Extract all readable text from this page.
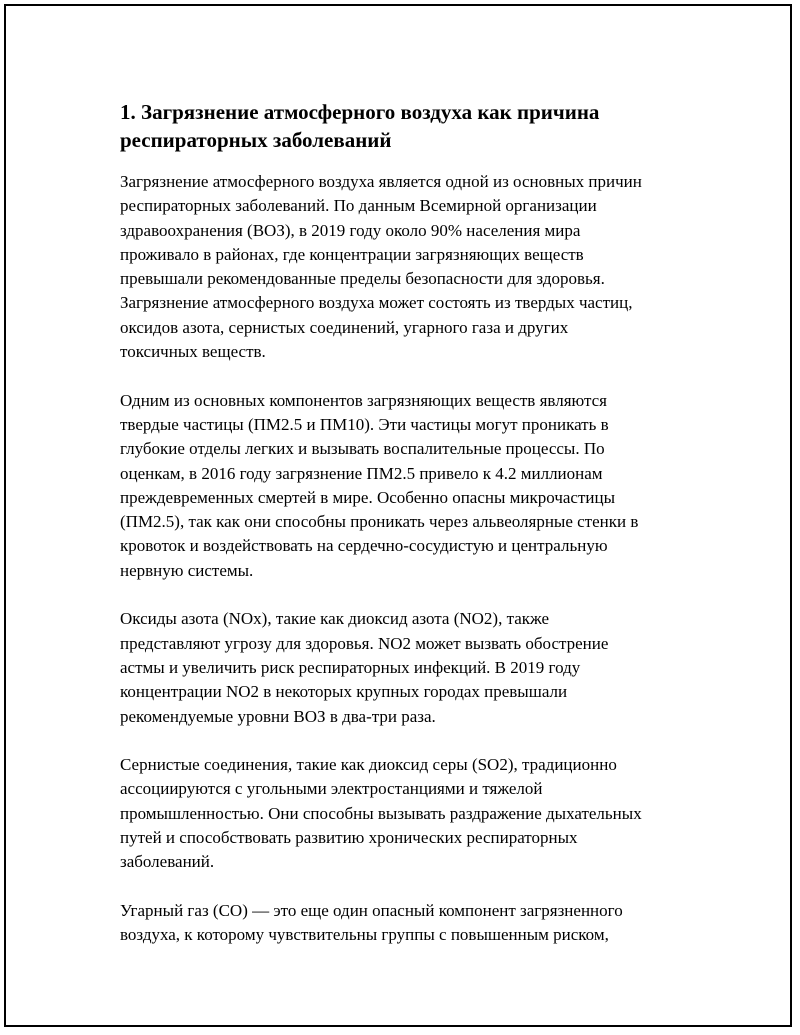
1. Загрязнение атмосферного воздуха как причина
респираторных заболеваний

Загрязнение атмосферного воздуха является одной из основных причин
респираторных заболеваний. По данным Всемирной организации
здравоохранения (ВОЗ), в 2019 году около 90% населения мира
проживало в районах, где концентрации загрязняющих веществ
превышали рекомендованные пределы безопасности для здоровья.
Загрязнение атмосферного воздуха может состоять из твердых частиц,
оксидов азота, сернистых соединений, угарного газа и других
токсичных веществ.

Одним из основных компонентов загрязняющих веществ являются
твердые частицы (ПМ2.5 и ПМ10). Эти частицы могут проникать в
глубокие отделы легких и вызывать воспалительные процессы. По
оценкам, в 2016 году загрязнение ПМ2.5 привело к 4.2 миллионам
преждевременных смертей в мире. Особенно опасны микрочастицы
(ПМ2.5), так как они способны проникать через альвеолярные стенки в
кровоток и воздействовать на сердечно-сосудистую и центральную
нервную системы.

Оксиды азота (NOx), такие как диоксид азота (NO2), также
представляют угрозу для здоровья. NO2 может вызвать обострение
астмы и увеличить риск респираторных инфекций. В 2019 году
концентрации NO2 в некоторых крупных городах превышали
рекомендуемые уровни ВОЗ в два-три раза.

Сернистые соединения, такие как диоксид серы (SO2), традиционно
ассоциируются с угольными электростанциями и тяжелой
промышленностью. Они способны вызывать раздражение дыхательных
путей и способствовать развитию хронических респираторных
заболеваний.

Угарный газ (CO) — это еще один опасный компонент загрязненного
воздуха, к которому чувствительны группы с повышенным риском,
